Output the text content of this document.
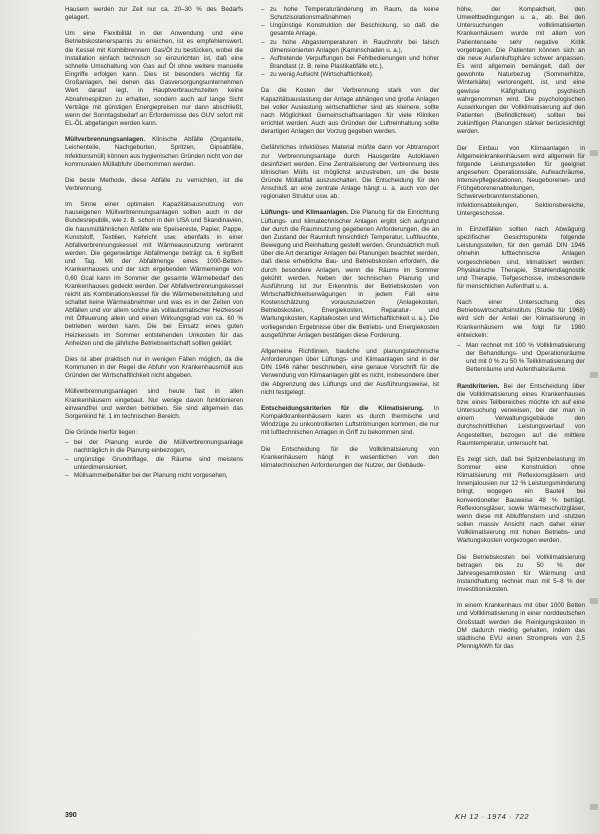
Hausern werden zur Zeit nur ca. 20–30 % des Bedarfs gelagert.

Um eine Flexibilität in der Anwendung und eine Betriebskostenersparnis zu erreichen, ist es empfehlenswert, die Kessel mit Kombibrennern Gas/Öl zu bestücken, wobei die Installation einfach technisch so einzurichten ist, daß eine schnelle Umschaltung von Gas auf Öl ohne weitere manuelle Eingriffe erfolgen kann. Dies ist besonders wichtig für Großanlagen, bei denen das Gasversorgungsunternehmen Wert darauf legt, in Hauptverbrauchszeiten keine Abnahmespitzen zu erhalten, sondern auch auf lange Sicht Verträge mit günstigen Energiepreisen nur dann abschließt, wenn der Sonntagsbedarf an Erfordernisse des GUV sofort mit EL-ÖL abgefangen werden kann.

Müllverbrennungsanlagen. Klinische Abfälle (Organteile, Leichenteile, Nachgeburten, Spritzen, Gipsabfälle, Infektionsmüll) können aus hygienischen Gründen nicht von der kommunalen Müllabfuhr übernommen werden.

Die beste Methode, diese Abfälle zu vernichten, ist die Verbrennung.

Im Sinne einer optimalen Kapazitätsausnutzung von hauseigenen Müllverbrennungsanlagen sollten auch in der Bundesrepublik, wie z. B. schon in den USA und Skandinavien, die hausmüllähnlichen Abfälle wie Speisereste, Papier, Pappe, Kunststoff, Textilien, Kehricht usw. ebenfalls in einer Abfallverbrennungskessel mit Wärmeausnutzung verbrannt werden. Die gegenwärtige Abfallmenge beträgt ca. 6 kg/Bett und Tag. Mit der Abfallmenge eines 1000-Betten-Krankenhauses und der sich ergebenden Wärmemenge von 0,60 Gcal kann im Sommer der gesamte Wärmebedarf des Krankenhauses gedeckt werden. Der Abfallverbrennungskessel reicht als Kombinationskessel für die Wärmebereitstellung und schaltet keine Wärmeabnehmer und was es in der Zeiten von Abfällen und vor allem solche als vollautomatischer Heizkessel mit Ölfeuerung allein und einen Wirkungsgrad von ca. 60 % betrieben werden kann. Die bei Einsatz eines guten Heizkessels im Sommer entstehenden Unkosten für das Anheizen und die jährliche Betriebswirtschaft sollten geklärt.

Dies ist aber praktisch nur in wenigen Fällen möglich, da die Kommunen in der Regel die Abfuhr von Krankenhausmüll aus Gründen der Wirtschaftlichkeit nicht abgeben.

Müllverbrennungsanlagen sind heute fast in allen Krankenhäusern eingebaut. Nur wenige davon funktionieren einwandfrei und werden betrieben. Sie sind allgemein das Sorgenkind Nr. 1 im technischen Bereich.

Die Gründe hierfür liegen:

– bei der Planung wurde die Müllverbrennungsanlage nachträglich in die Planung einbezogen,
– ungünstige Grundriflage, die Räume sind meistens unterdimensioniert,
– Müllsammelbehälter bei der Planung nicht vorgesehen,
– zu hohe Temperaturänderung im Raum, da keine Schutzisolationsmaßnahmen
– Ungünstige Konstruktion der Beschickung, so daß die gesamte Anlage,
– zu hohe Abgastemperaturen in Rauchrohr bei falsch dimensionierten Anlagen (Kaminschaden u. a.),
– Auftretende Verpuffungen bei Fehlbedienungen und hoher Brandlast (z. B. reine Plastikabfälle etc.),
– zu wenig Aufsicht (Wirtschaftlichkeit).

Da die Kosten der Verbrennung stark von der Kapazitätsauslastung der Anlage abhängen und große Anlagen bei voller Auslastung wirtschaftlicher sind als kleinere, sollte nach Möglichkeit Gemeinschaftsanlagen für viele Kliniken errichtet werden. Auch aus Gründen der Luftreinhaltung sollte derartigen Anlagen der Vorzug gegeben werden.

Gefährliches infektiöses Material müßte dann vor Abtransport zur Verbrennungsanlage durch Hausgeräte Autoklaven desinfiziert werden. Eine Zentralisierung der Verbrennung des klinischen Mülls ist möglichst anzustreben, um die beste Gründe Müllabfall auszuschalten. Die Entscheidung für den Anschluß an eine zentrale Anlage hängt u. a. auch von der regionalen Struktur usw. ab.

Lüftungs- und Klimaanlagen. Die Planung für die Einrichtung Lüftungs- und klimatechnischer Anlagen ergibt sich aufgrund der durch die Raumnutzung gegebenen Anforderungen, die an den Zustand der Raumluft hinsichtlich Temperatur, Luftfeuchte, Bewegung und Reinhaltung gestellt werden. Grundsätzlich muß über die Art derartiger Anlagen bei Planungen beachtet werden, daß diese erhebliche Bau- und Betriebskosten erfordern, die durch besondere Anlagen, wenn die Räume im Sommer gekühlt werden. Neben der technischen Planung und Ausführung ist zur Erkenntnis der Betriebskosten von Wirtschaftlichkeitserwägungen in jedem Fall eine Kostenschätzung vorauszusetzen (Anlagekosten, Betriebskosten, Energiekosten, Reparatur- und Wartungskosten, Kapitalkosten und Wirtschaftlichkeit u. a.). Die vorliegenden Ergebnisse über die Betriebs- und Energiekosten ausgeführter Anlagen bestätigen diese Forderung.

Allgemeine Richtlinien, bauliche und planungstechnische Anforderungen über Lüftungs- und Klimaanlagen sind in der DIN 1946 näher beschrieben, eine genaue Vorschrift für die Verwendung von Klimaanlagen gibt es nicht, insbesondere über die Abgrenzung des Lüftungs und der Ausführungsweise, ist nicht festgelegt.

Entscheidungskriterien für die Klimatisierung. In Kompaktkrankenhäusern kann es durch thermische und Windzüge zu unkontrollierten Luftströmungen kommen, die nur mit lufttechnischen Anlagen in Griff zu bekommen sind.

Die Entscheidung für die Vollklimatisierung von Krankenhäusern hängt in wesentlichen von den klimatechnischen Anforderungen der Nutzer, der Gebäude-

höhe, der Kompaktheit, den Umweltbedingungen u. a., ab. Bei den Untersuchungen vollklimatisierten Krankenhäusern wurde mit allem von Patientenseite sehr negative Kritik vorgetragen. Die Patienten können sich an die neue Außenluftsphäre schwer anpassen. Es wird allgemein bemängelt, daß der gewohnte Naturbezug (Sommerhitze, Winterkälte) verlorengeht, ist, und eine gewisse Käfighaltung psychisch wahrgenommen wird. Die psychologischen Auswirkungen der Vollklimatisierung auf den Patienten (Befindlichkeit) sollten bei zukünftigen Planungen stärker berücksichtigt werden.

Der Einbau von Klimaanlagen in Allgemeinkrankenhäusern wird allgemein für folgende Leistungsstellen für geeignet angesehen: Operationssäle, Aufwachräume, Intensivpflegestationen, Neugeborenen- und Frühgeborenenabteilungen, Schwerverbranntenstationen, Infektionsabteilungen, Sektionsbereiche, Untergeschosse.

In Einzelfällen sollten nach Abwägung spezifischer Gesichtspunkte folgende Leistungsstellen, für den gemäß DIN 1946 ohnehin lufttechnische Anlagen vorgeschrieben sind, klimatisiert werden: Physikalische Therapie, Strahlendiagnostik und Therapie, Tiefgeschosse, insbesondere für menschlichen Aufenthalt u. a.

Nach einer Untersuchung des Betriebswirtschaftsinstituts (Studie für 1968) wird sich der Anteil der Klimatisierung in Krankenhäusern wie folgt für 1980 entwickeln:

– Man rechnet mit 100 % Vollklimatisierung der Behandlungs- und Operationsräume und mit 0 % zu 50 % Teilklimatisierung der Bettenräume und Aufenthaltsräume.

Randkriterien. Bei der Entscheidung über die Vollklimatisierung eines Krankenhauses bzw. eines Teilbereiches möchte ich auf eine Untersuchung verweisen, bei der man in einem Verwaltungsgebäude den durchschnittlichen Leistungsverlauf von Angestellten, bezogen auf die mittlere Raumtemperatur, untersucht hat.

Es zeigt sich, daß bei Spitzenbelastung im Sommer eine Konstruktion ohne Klimatisierung mit Reflexionsgläsern und Innenjalousien nur 12 % Leistungsminderung bringt, wogegen ein Bauteil bei konventioneller Bauweise 48 % beträgt. Reflexionsgläser, sowie Wärmeschutzgläser, wenn diese mit Abluftfenstern und -stutzen sollen massiv Ansicht nach daher einer Vollklimatisierung mit hohen Betriebs- und Wartungskosten vorgezogen werden.

Die Betriebskosten bei Vollklimatisierung betragen bis zu 50 % der Jahresgesamtkosten für Wärmung und Instandhaltung rechnet man mit 5–8 % der Investitionskosten.

In einem Krankenhaus mit über 1000 Betten und Vollklimatisierung in einer norddeutschen Großstadt werden die Reinigungskosten in DM dadurch niedrig gehalten, indem das städtische EVU einen Strompreis von 2,5 Pfennig/kWh für das

390	KH 12 · 1974 · 722
